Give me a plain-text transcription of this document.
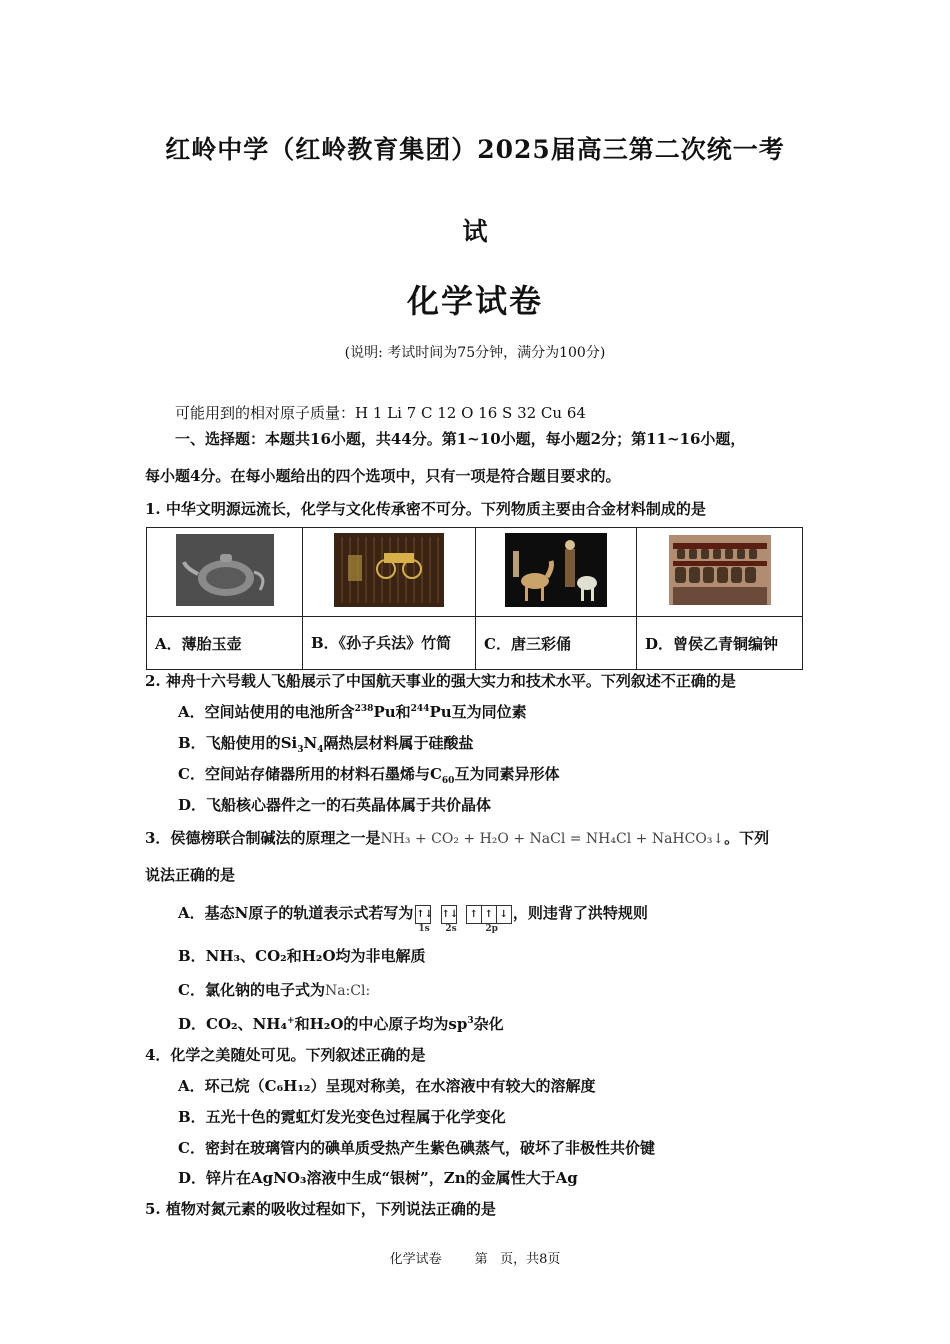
红岭中学（红岭教育集团）2025届高三第二次统一考
试
化学试卷
(说明: 考试时间为75分钟，满分为100分)
可能用到的相对原子质量：H 1 Li 7 C 12 O 16 S 32 Cu 64
一、选择题：本题共16小题，共44分。第1~10小题，每小题2分；第11~16小题，
每小题4分。在每小题给出的四个选项中，只有一项是符合题目要求的。
1. 中华文明源远流长，化学与文化传承密不可分。下列物质主要由合金材料制成的是

A．薄胎玉壶	B．《孙子兵法》竹简	C．唐三彩俑	D．曾侯乙青铜编钟
2. 神舟十六号载人飞船展示了中国航天事业的强大实力和技术水平。下列叙述不正确的是
A．空间站使用的电池所含$^{238}$Pu和$^{244}$Pu互为同位素
B．飞船使用的$Si_3N_4$隔热层材料属于硅酸盐
C．空间站存储器所用的材料石墨烯与$C_{60}$互为同素异形体
D．飞船核心器件之一的石英晶体属于共价晶体
3．侯德榜联合制碱法的原理之一是NH₃ + CO₂ + H₂O + NaCl = NH₄Cl + NaHCO₃↓。下列
说法正确的是
A．基态N原子的轨道表示式若写为 ↑↓ ↑↓ ↑ ↑ ↓
1s 2s	2p
，则违背了洪特规则
B．NH₃、CO₂和H₂O均为非电解质
C．氯化钠的电子式为Na:Cl:
D．CO₂、NH₄+和H₂O的中心原子均为$sp^3$杂化
4．化学之美随处可见。下列叙述正确的是
A．环己烷（C₆H₁₂）呈现对称美，在水溶液中有较大的溶解度
B．五光十色的霓虹灯发光变色过程属于化学变化
C．密封在玻璃管内的碘单质受热产生紫色碘蒸气，破坏了非极性共价键
D．锌片在AgNO₃溶液中生成“银树”，Zn的金属性大于Ag
5. 植物对氮元素的吸收过程如下，下列说法正确的是
化学试卷        第   页，共8页
